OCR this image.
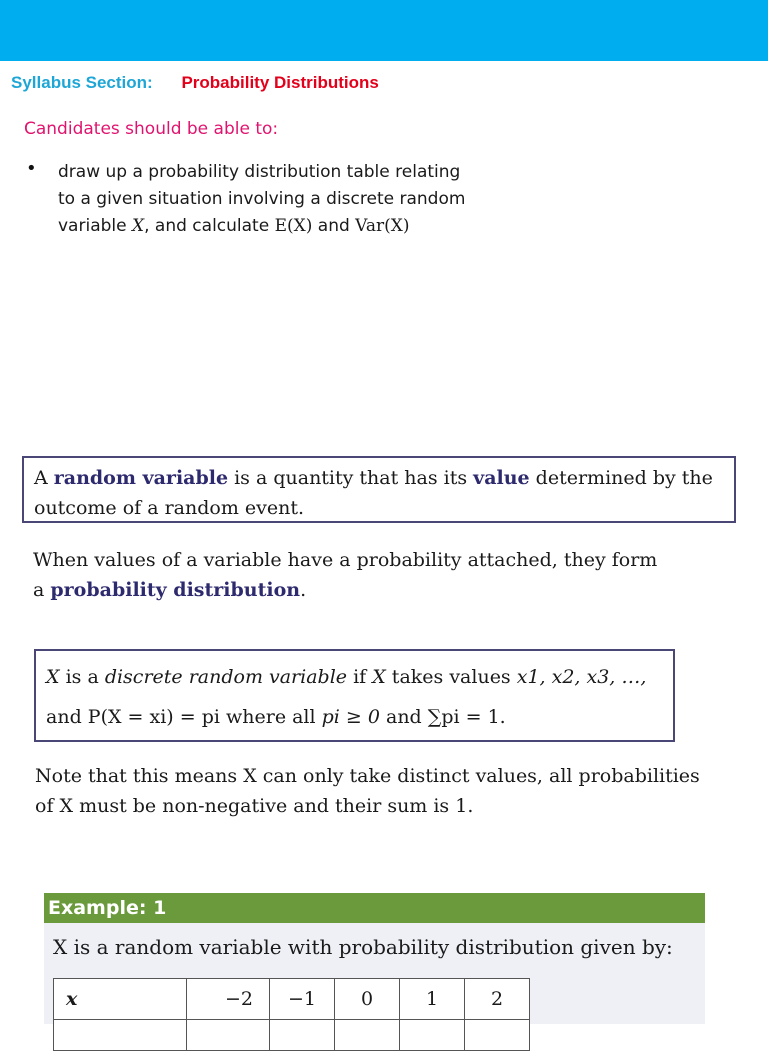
Syllabus Section: Probability Distributions
Candidates should be able to:
• draw up a probability distribution table relating
to a given situation involving a discrete random
variable X, and calculate E(X) and Var(X)
A random variable is a quantity that has its value determined by the
outcome of a random event.
When values of a variable have a probability attached, they form
a probability distribution.
X is a discrete random variable if X takes values x1, x2, x3, …,
and P(X = xi) = pi where all pi ≥ 0 and ∑pi = 1.
Note that this means X can only take distinct values, all probabilities
of X must be non-negative and their sum is 1.
Example: 1
X is a random variable with probability distribution given by:
x	−2	−1	0	1	2
